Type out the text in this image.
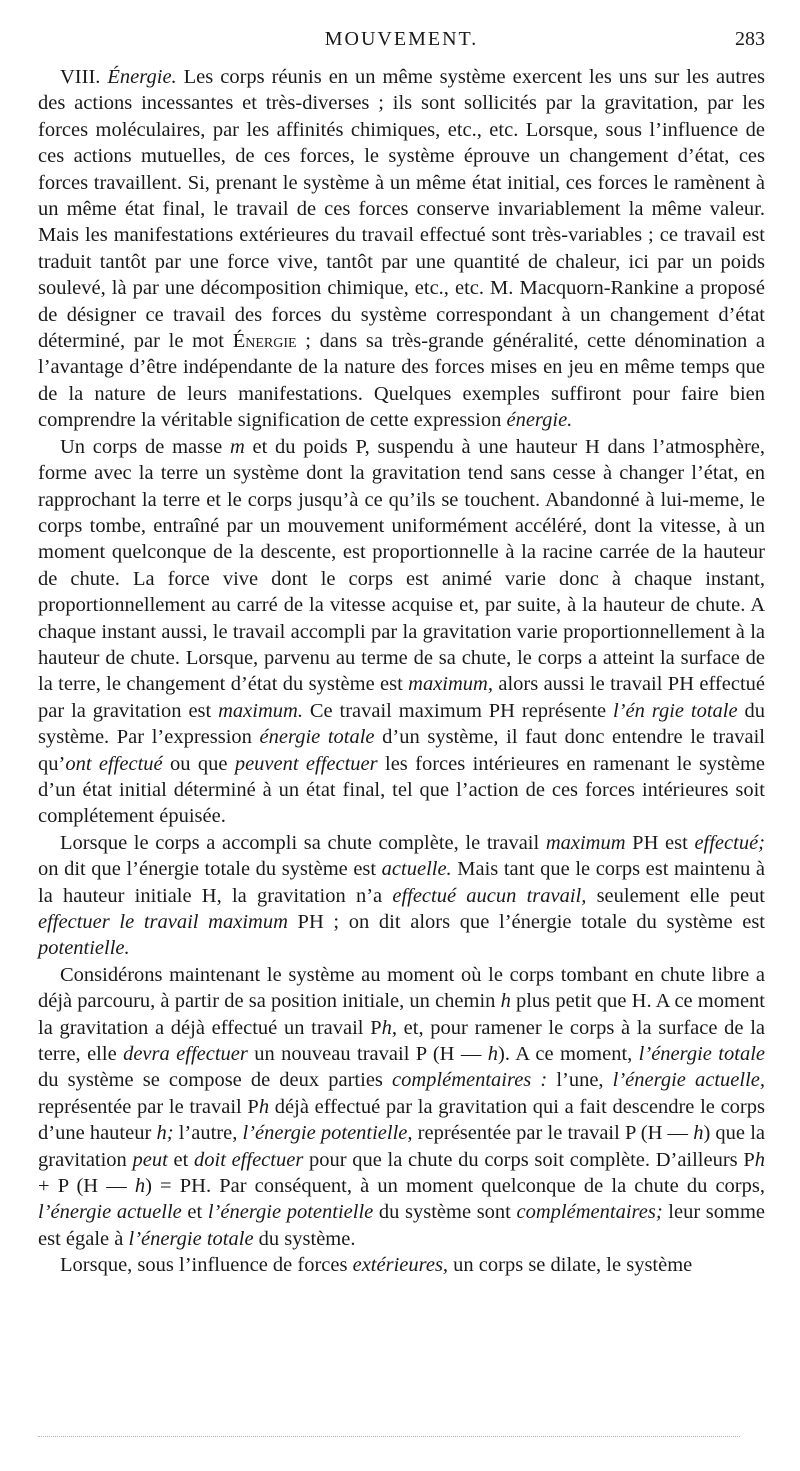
MOUVEMENT.	283

VIII. Énergie. Les corps réunis en un même système exercent les uns sur les autres des actions incessantes et très-diverses ; ils sont sollicités par la gravitation, par les forces moléculaires, par les affinités chimiques, etc., etc. Lorsque, sous l’influence de ces actions mutuelles, de ces forces, le système éprouve un changement d’état, ces forces travaillent. Si, prenant le système à un même état initial, ces forces le ramènent à un même état final, le travail de ces forces conserve invariablement la même valeur. Mais les manifestations extérieures du travail effectué sont très-variables ; ce travail est traduit tantôt par une force vive, tantôt par une quantité de chaleur, ici par un poids soulevé, là par une décomposition chimique, etc., etc. M. Macquorn-Rankine a proposé de désigner ce travail des forces du système correspondant à un changement d’état déterminé, par le mot Énergie ; dans sa très-grande généralité, cette dénomination a l’avantage d’être indépendante de la nature des forces mises en jeu en même temps que de la nature de leurs manifestations. Quelques exemples suffiront pour faire bien comprendre la véritable signification de cette expression énergie.

Un corps de masse m et du poids P, suspendu à une hauteur H dans l’atmosphère, forme avec la terre un système dont la gravitation tend sans cesse à changer l’état, en rapprochant la terre et le corps jusqu’à ce qu’ils se touchent. Abandonné à lui-meme, le corps tombe, entraîné par un mouvement uniformément accéléré, dont la vitesse, à un moment quelconque de la descente, est proportionnelle à la racine carrée de la hauteur de chute. La force vive dont le corps est animé varie donc à chaque instant, proportionnellement au carré de la vitesse acquise et, par suite, à la hauteur de chute. A chaque instant aussi, le travail accompli par la gravitation varie proportionnellement à la hauteur de chute. Lorsque, parvenu au terme de sa chute, le corps a atteint la surface de la terre, le changement d’état du système est maximum, alors aussi le travail PH effectué par la gravitation est maximum. Ce travail maximum PH représente l’én rgie totale du système. Par l’expression énergie totale d’un système, il faut donc entendre le travail qu’ont effectué ou que peuvent effectuer les forces intérieures en ramenant le système d’un état initial déterminé à un état final, tel que l’action de ces forces intérieures soit complétement épuisée.

Lorsque le corps a accompli sa chute complète, le travail maximum PH est effectué; on dit que l’énergie totale du système est actuelle. Mais tant que le corps est maintenu à la hauteur initiale H, la gravitation n’a effectué aucun travail, seulement elle peut effectuer le travail maximum PH ; on dit alors que l’énergie totale du système est potentielle.

Considérons maintenant le système au moment où le corps tombant en chute libre a déjà parcouru, à partir de sa position initiale, un chemin h plus petit que H. A ce moment la gravitation a déjà effectué un travail Ph, et, pour ramener le corps à la surface de la terre, elle devra effectuer un nouveau travail P (H — h). A ce moment, l’énergie totale du système se compose de deux parties complémentaires : l’une, l’énergie actuelle, représentée par le travail Ph déjà effectué par la gravitation qui a fait descendre le corps d’une hauteur h; l’autre, l’énergie potentielle, représentée par le travail P (H — h) que la gravitation peut et doit effectuer pour que la chute du corps soit complète. D’ailleurs Ph + P (H — h) = PH. Par conséquent, à un moment quelconque de la chute du corps, l’énergie actuelle et l’énergie potentielle du système sont complémentaires; leur somme est égale à l’énergie totale du système.

Lorsque, sous l’influence de forces extérieures, un corps se dilate, le système
